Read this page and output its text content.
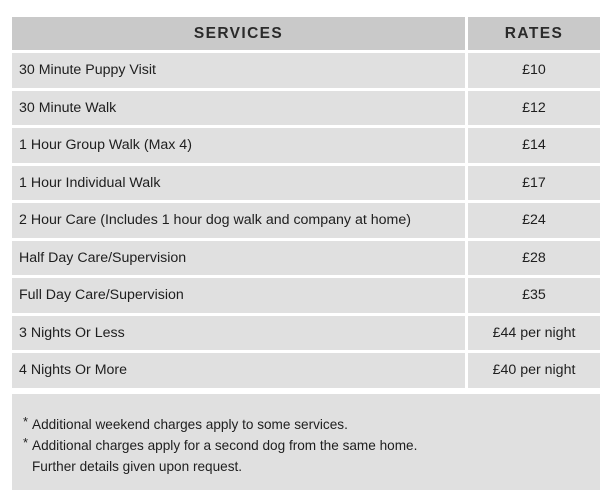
SERVICES	RATES
30 Minute Puppy Visit	£10
30 Minute Walk	£12
1 Hour Group Walk (Max 4)	£14
1 Hour Individual Walk	£17
2 Hour Care (Includes 1 hour dog walk and company at home)	£24
Half Day Care/Supervision	£28
Full Day Care/Supervision	£35
3 Nights Or Less	£44 per night
4 Nights Or More	£40 per night
* Additional weekend charges apply to some services.
* Additional charges apply for a second dog from the same home.
Further details given upon request.
